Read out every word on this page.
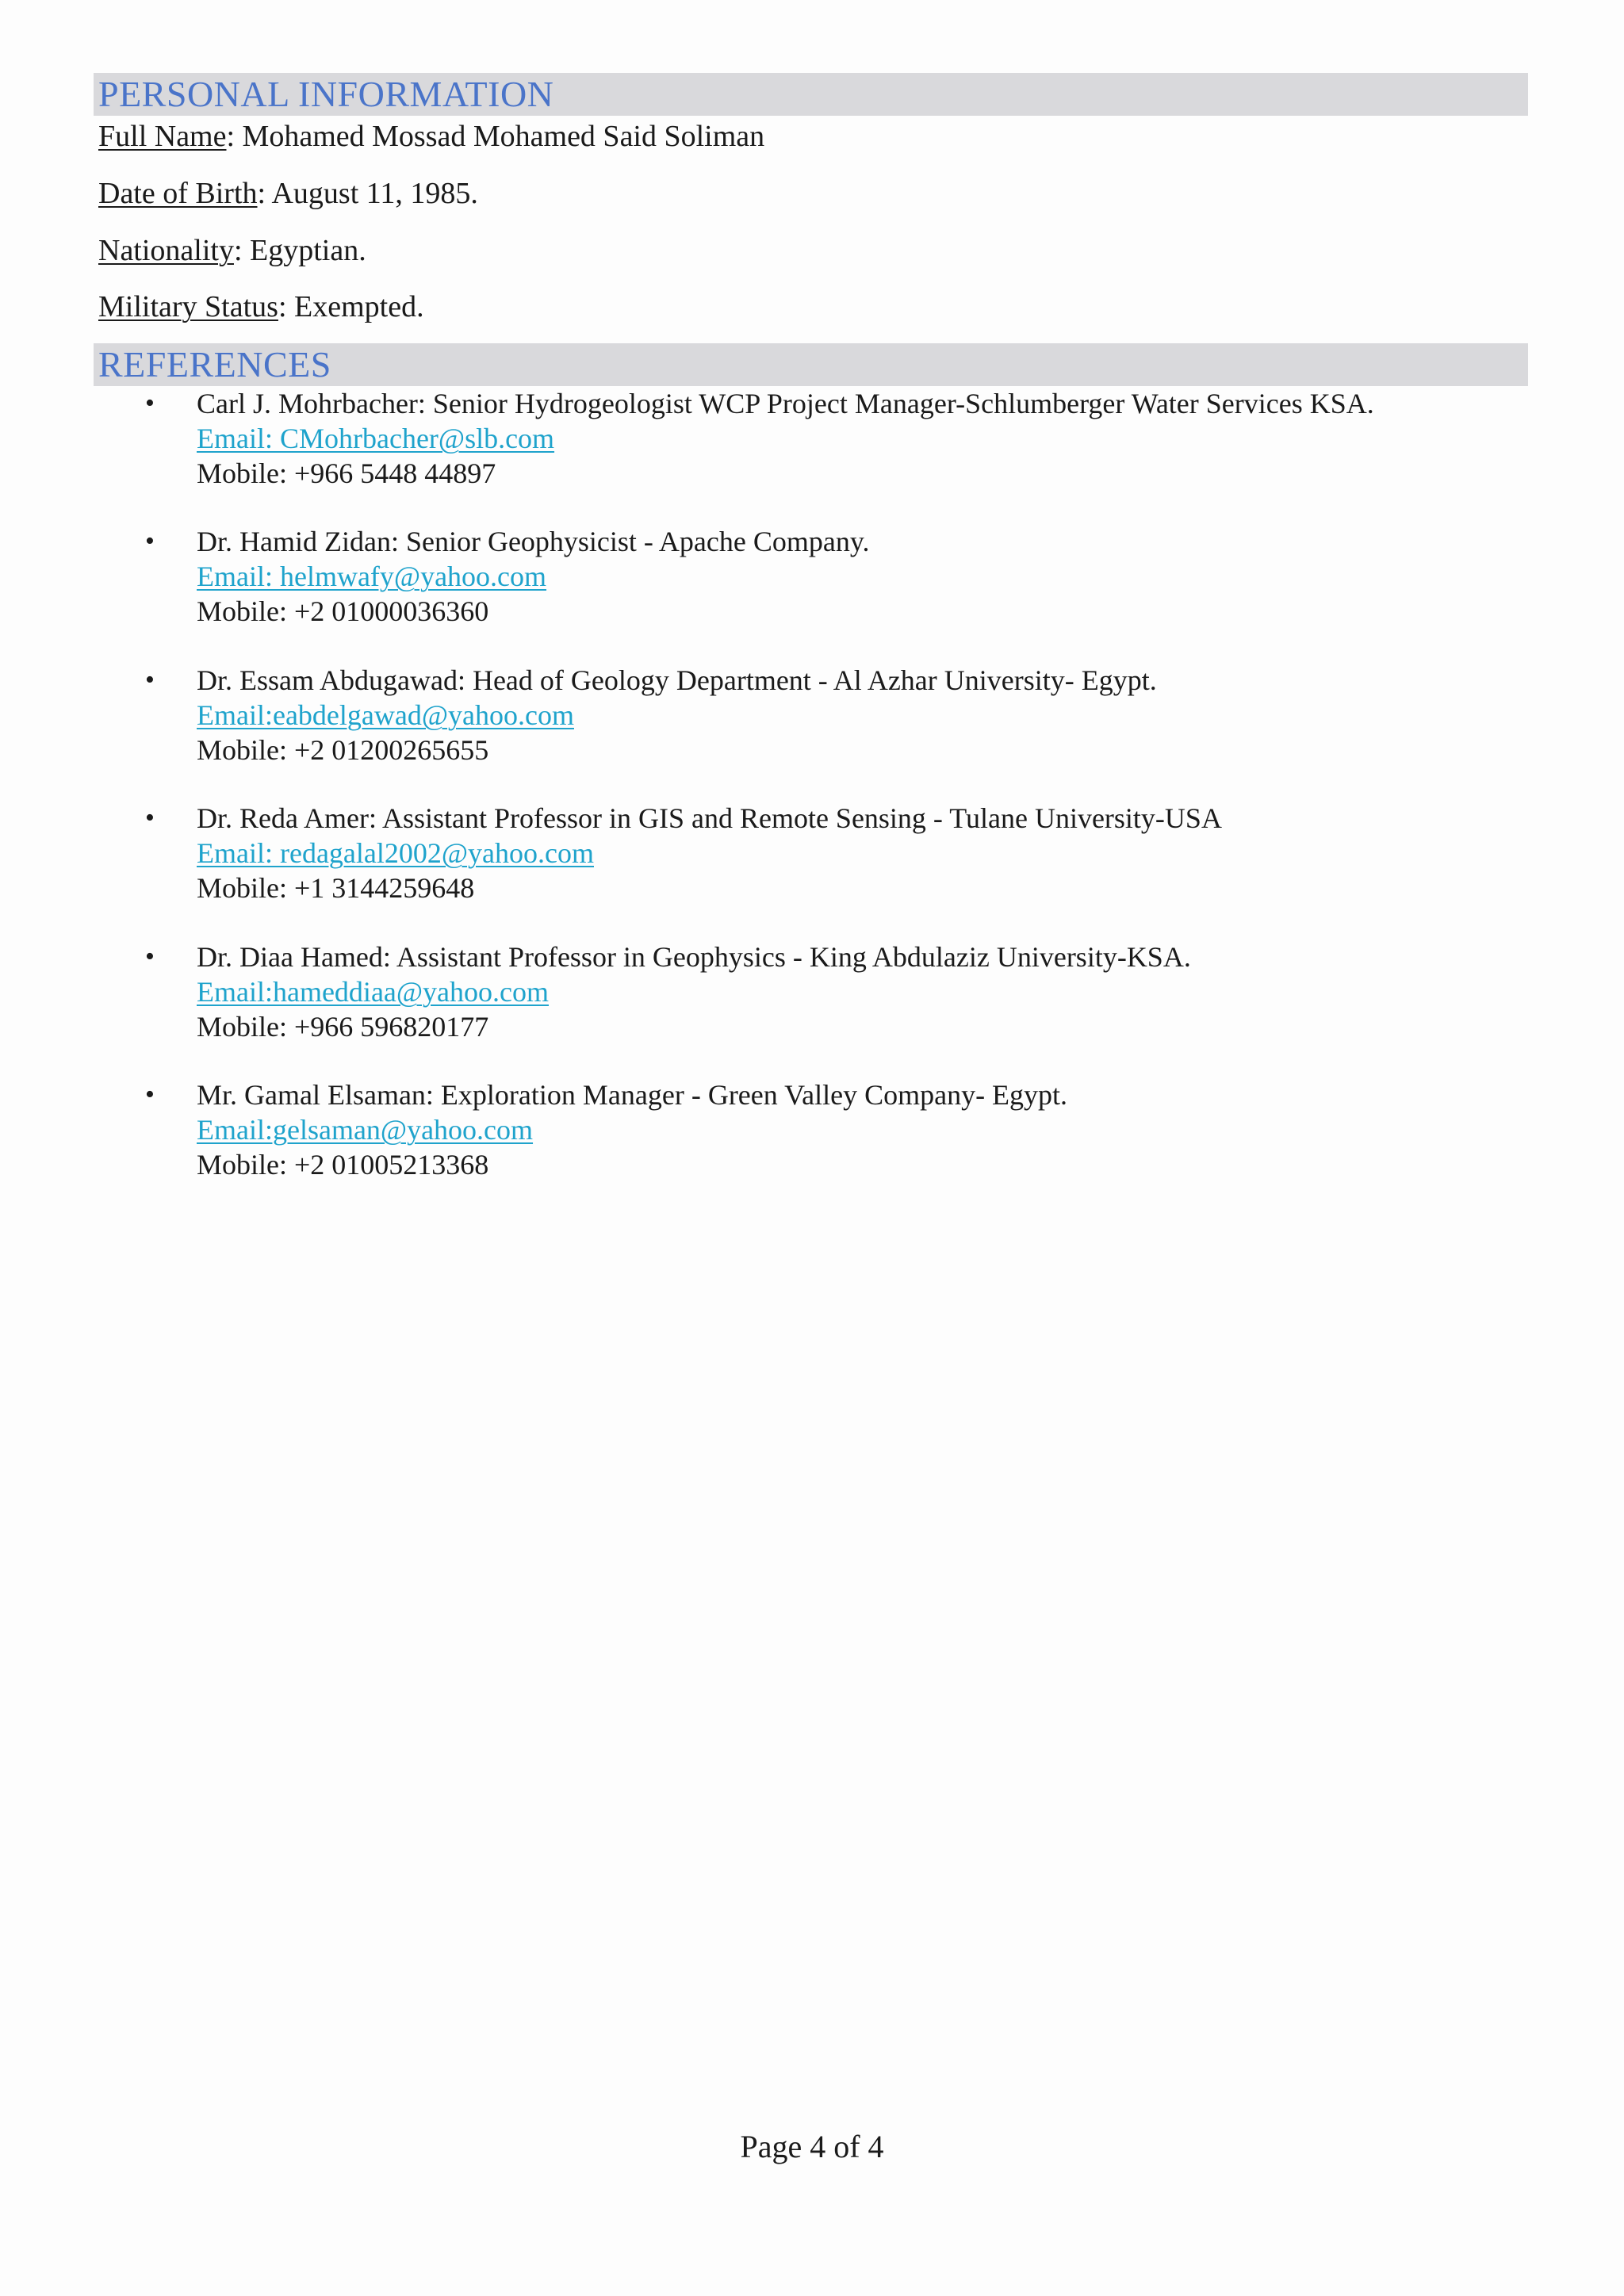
PERSONAL INFORMATION
Full Name: Mohamed Mossad Mohamed Said Soliman
Date of Birth: August 11, 1985.
Nationality: Egyptian.
Military Status: Exempted.
REFERENCES
• Carl J. Mohrbacher: Senior Hydrogeologist WCP Project Manager-Schlumberger Water Services KSA.
Email: CMohrbacher@slb.com
Mobile: +966 5448 44897
• Dr. Hamid Zidan: Senior Geophysicist - Apache Company.
Email: helmwafy@yahoo.com
Mobile: +2 01000036360
• Dr. Essam Abdugawad: Head of Geology Department - Al Azhar University- Egypt.
Email:eabdelgawad@yahoo.com
Mobile: +2 01200265655
• Dr. Reda Amer: Assistant Professor in GIS and Remote Sensing - Tulane University-USA
Email: redagalal2002@yahoo.com
Mobile: +1 3144259648
• Dr. Diaa Hamed: Assistant Professor in Geophysics - King Abdulaziz University-KSA.
Email:hameddiaa@yahoo.com
Mobile: +966 596820177
• Mr. Gamal Elsaman: Exploration Manager - Green Valley Company- Egypt.
Email:gelsaman@yahoo.com
Mobile: +2 01005213368
Page 4 of 4
